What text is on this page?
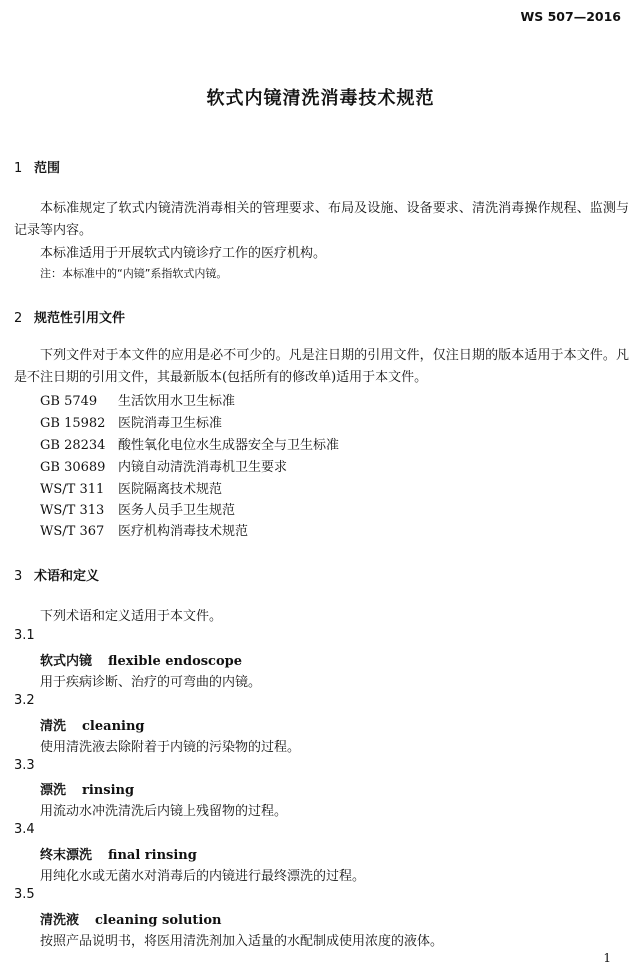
WS 507—2016
软式内镜清洗消毒技术规范
1 范围

本标准规定了软式内镜清洗消毒相关的管理要求、布局及设施、设备要求、清洗消毒操作规程、监测与记录等内容。

本标准适用于开展软式内镜诊疗工作的医疗机构。
注：本标准中的“内镜”系指软式内镜。
2 规范性引用文件

下列文件对于本文件的应用是必不可少的。凡是注日期的引用文件，仅注日期的版本适用于本文件。凡是不注日期的引用文件，其最新版本(包括所有的修改单)适用于本文件。

GB 5749 生活饮用水卫生标准
GB 15982 医院消毒卫生标准
GB 28234 酸性氧化电位水生成器安全与卫生标准
GB 30689 内镜自动清洗消毒机卫生要求
WS/T 311 医院隔离技术规范
WS/T 313 医务人员手卫生规范
WS/T 367 医疗机构消毒技术规范
3 术语和定义
下列术语和定义适用于本文件。
3.1
软式内镜 flexible endoscope
用于疾病诊断、治疗的可弯曲的内镜。
3.2
清洗 cleaning
使用清洗液去除附着于内镜的污染物的过程。
3.3
漂洗 rinsing
用流动水冲洗清洗后内镜上残留物的过程。
3.4
终末漂洗 final rinsing
用纯化水或无菌水对消毒后的内镜进行最终漂洗的过程。
3.5
清洗液 cleaning solution
按照产品说明书，将医用清洗剂加入适量的水配制成使用浓度的液体。
1
